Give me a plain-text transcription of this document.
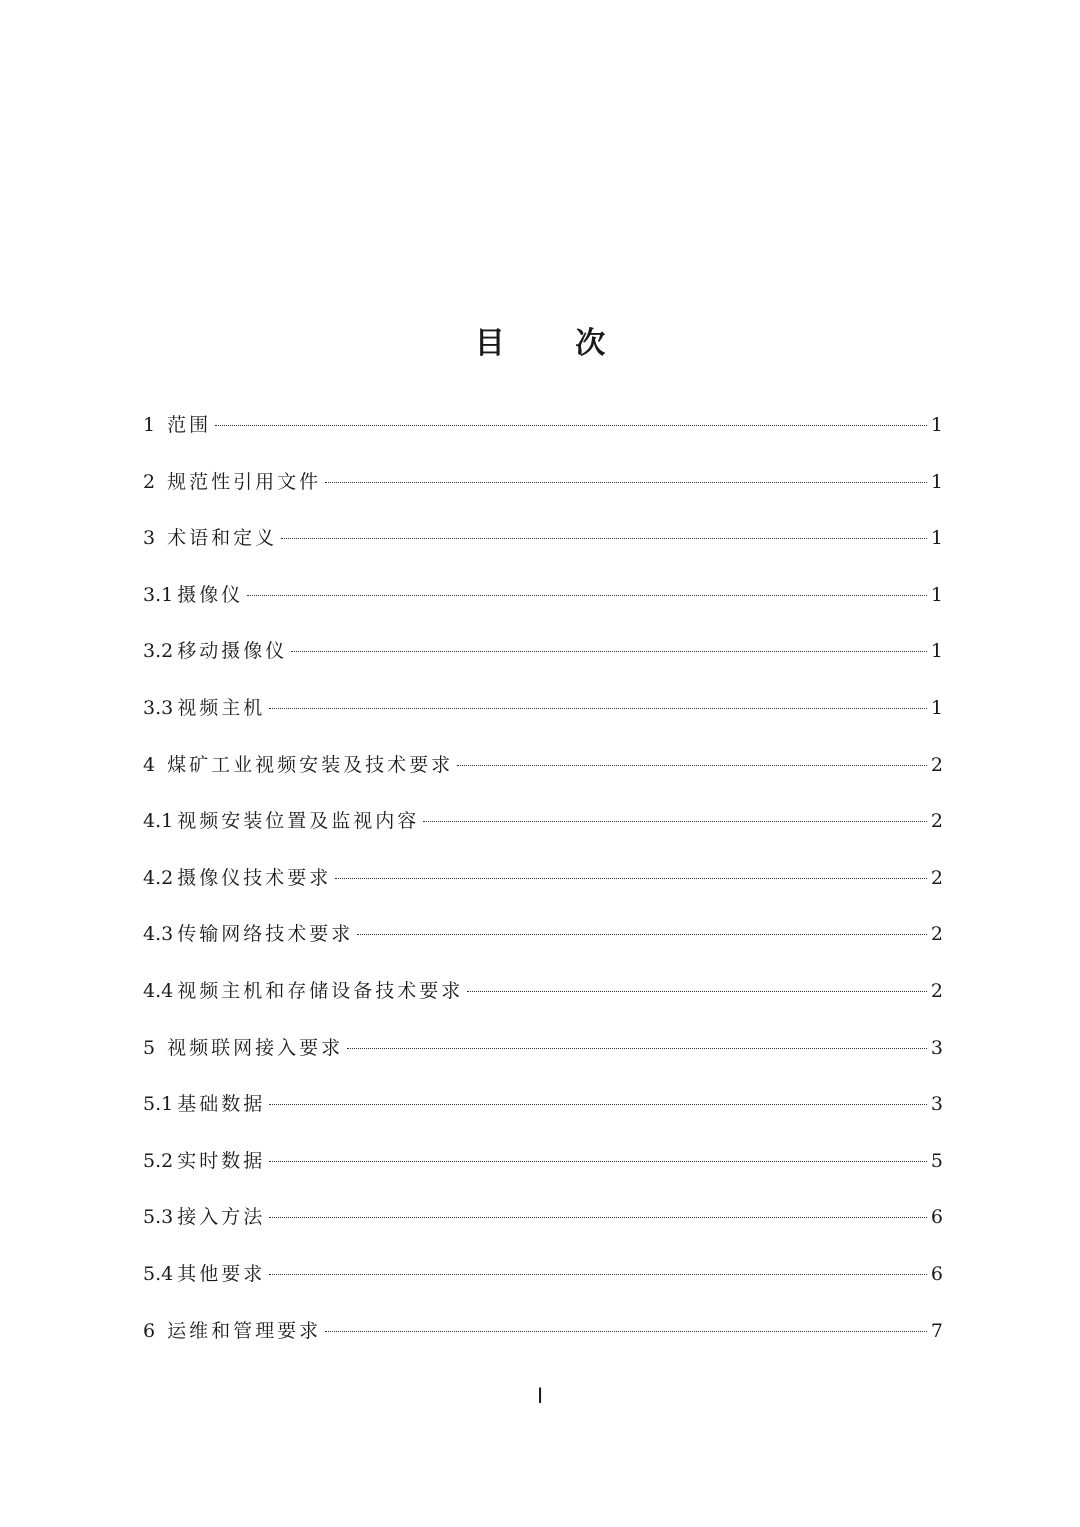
目 次
1 范围	1
2 规范性引用文件	1
3 术语和定义	1
3.1 摄像仪	1
3.2 移动摄像仪	1
3.3 视频主机	1
4 煤矿工业视频安装及技术要求	2
4.1 视频安装位置及监视内容	2
4.2 摄像仪技术要求	2
4.3 传输网络技术要求	2
4.4 视频主机和存储设备技术要求	2
5 视频联网接入要求	3
5.1 基础数据	3
5.2 实时数据	5
5.3 接入方法	6
5.4 其他要求	6
6 运维和管理要求	7
I
